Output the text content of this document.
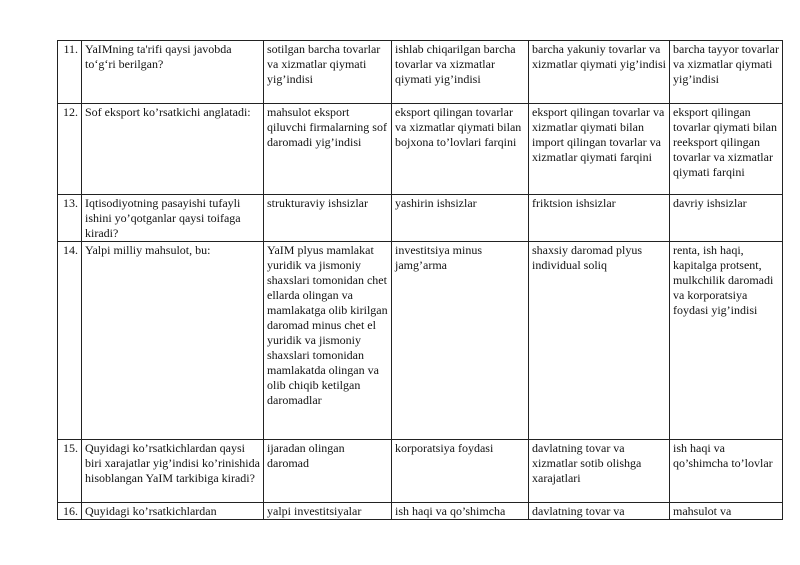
11.	YaIMning ta'rifi qaysi javobda to‘g‘ri berilgan?	sotilgan barcha tovarlar va xizmatlar qiymati yig’indisi	ishlab chiqarilgan barcha tovarlar va xizmatlar qiymati yig’indisi	barcha yakuniy tovarlar va xizmatlar qiymati yig’indisi	barcha tayyor tovarlar va xizmatlar qiymati yig’indisi
12.	Sof eksport ko’rsatkichi anglatadi:	mahsulot eksport qiluvchi firmalarning sof daromadi yig’indisi	eksport qilingan tovarlar va xizmatlar qiymati bilan bojxona to’lovlari farqini	eksport qilingan tovarlar va xizmatlar qiymati bilan import qilingan tovarlar va xizmatlar qiymati farqini	eksport qilingan tovarlar qiymati bilan reeksport qilingan tovarlar va xizmatlar qiymati farqini
13.	Iqtisodiyotning pasayishi tufayli ishini yo’qotganlar qaysi toifaga kiradi?	strukturaviy ishsizlar	yashirin ishsizlar	friktsion ishsizlar	davriy ishsizlar
14.	Yalpi milliy mahsulot, bu:	YaIM plyus mamlakat yuridik va jismoniy shaxslari tomonidan chet ellarda olingan va mamlakatga olib kirilgan daromad minus chet el yuridik va jismoniy shaxslari tomonidan mamlakatda olingan va olib chiqib ketilgan daromadlar	investitsiya minus jamg’arma	shaxsiy daromad plyus individual soliq	renta, ish haqi, kapitalga protsent, mulkchilik daromadi va korporatsiya foydasi yig’indisi
15.	Quyidagi ko’rsatkichlardan qaysi biri xarajatlar yig’indisi ko’rinishida hisoblangan YaIM tarkibiga kiradi?	ijaradan olingan daromad	korporatsiya foydasi	davlatning tovar va xizmatlar sotib olishga xarajatlari	ish haqi va qo’shimcha to’lovlar
16.	Quyidagi ko’rsatkichlardan	yalpi investitsiyalar	ish haqi va qo’shimcha	davlatning tovar va	mahsulot va
